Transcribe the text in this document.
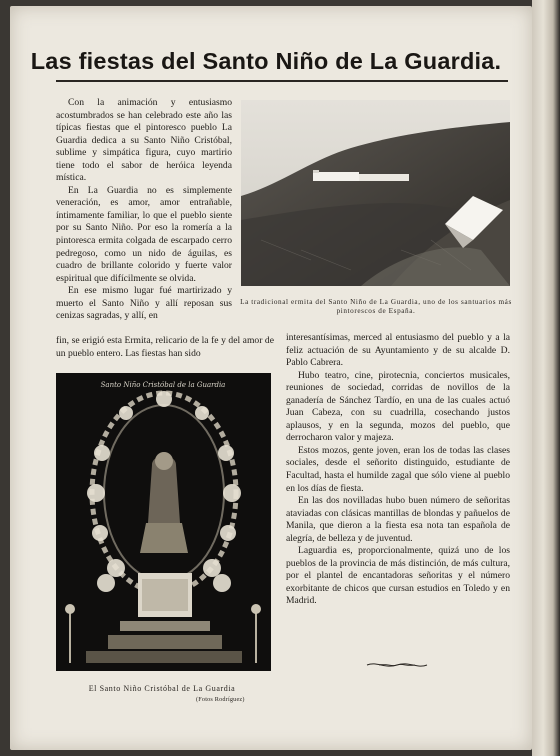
Las fiestas del Santo Niño de La Guardia.

Con la animación y entusiasmo acostumbrados se han celebrado este año las típicas fiestas que el pintoresco pueblo La Guardia dedica a su Santo Niño Cristóbal, sublime y simpática figura, cuyo martirio tiene todo el sabor de heróica leyenda mística.

En La Guardia no es simplemente veneración, es amor, amor entrañable, íntimamente familiar, lo que el pueblo siente por su Santo Niño. Por eso la romería a la pintoresca ermita colgada de escarpado cerro pedregoso, como un nido de águilas, es cuadro de brillante colorido y fuerte valor espiritual que difícilmente se olvida.

En ese mismo lugar fué martirizado y muerto el Santo Niño y allí reposan sus cenizas sagradas, y allí, en

fin, se erigió esta Ermita, relicario de la fe y del amor de un pueblo entero. Las fiestas han sido

La tradicional ermita del Santo Niño de La Guardia, uno de los santuarios más pintorescos de España.
Santo Niño Cristóbal de la Guardia
El Santo Niño Cristóbal de La Guardia
(Fotos Rodríguez)

interesantísimas, merced al entusiasmo del pueblo y a la feliz actuación de su Ayuntamiento y de su alcalde D. Pablo Cabrera.

Hubo teatro, cine, pirotecnia, conciertos musicales, reuniones de sociedad, corridas de novillos de la ganadería de Sánchez Tardío, en una de las cuales actuó Juan Cabeza, con su cuadrilla, cosechando justos aplausos, y en la segunda, mozos del pueblo, que derrocharon valor y majeza.

Estos mozos, gente joven, eran los de todas las clases sociales, desde el señorito distinguido, estudiante de Facultad, hasta el humilde zagal que sólo viene al pueblo en los días de fiesta.

En las dos novilladas hubo buen número de señoritas ataviadas con clásicas mantillas de blondas y pañuelos de Manila, que dieron a la fiesta esa nota tan española de alegría, de belleza y de juventud.

Laguardia es, proporcionalmente, quizá uno de los pueblos de la provincia de más distinción, de más cultura, por el plantel de encantadoras señoritas y el número exorbitante de chicos que cursan estudios en Toledo y en Madrid.
